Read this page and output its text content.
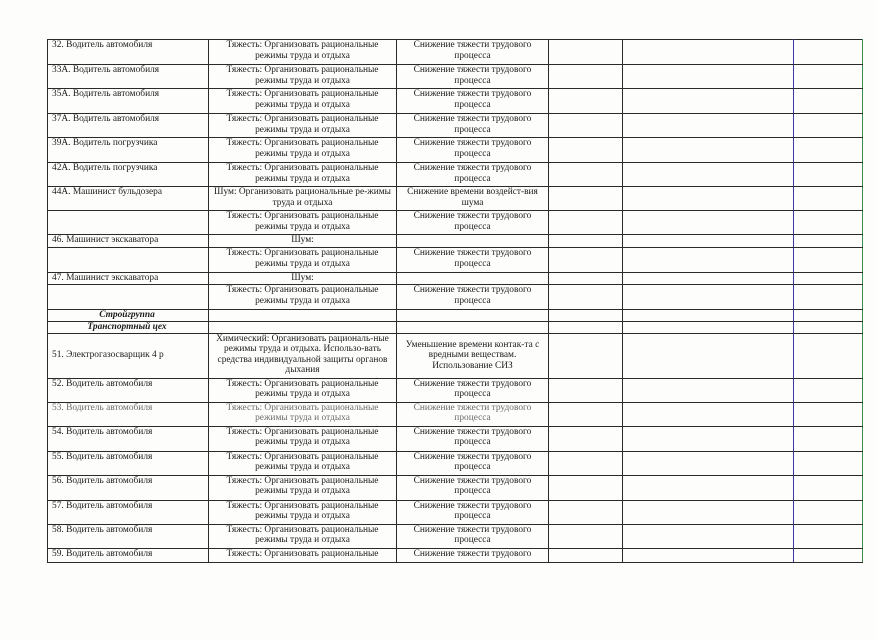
32. Водитель автомобиля	Тяжесть: Организовать рациональные режимы труда и отдыха	Снижение тяжести трудового процесса			
33А. Водитель автомобиля	Тяжесть: Организовать рациональные режимы труда и отдыха	Снижение тяжести трудового процесса			
35А. Водитель автомобиля	Тяжесть: Организовать рациональные режимы труда и отдыха	Снижение тяжести трудового процесса			
37А. Водитель автомобиля	Тяжесть: Организовать рациональные режимы труда и отдыха	Снижение тяжести трудового процесса			
39А. Водитель погрузчика	Тяжесть: Организовать рациональные режимы труда и отдыха	Снижение тяжести трудового процесса			
42А. Водитель погрузчика	Тяжесть: Организовать рациональные режимы труда и отдыха	Снижение тяжести трудового процесса			
44А. Машинист бульдозера	Шум: Организовать рациональные ре-жимы труда и отдыха	Снижение времени воздейст-вия шума			
	Тяжесть: Организовать рациональные режимы труда и отдыха	Снижение тяжести трудового процесса			
46. Машинист экскаватора	Шум:				
	Тяжесть: Организовать рациональные режимы труда и отдыха	Снижение тяжести трудового процесса			
47. Машинист экскаватора	Шум:				
	Тяжесть: Организовать рациональные режимы труда и отдыха	Снижение тяжести трудового процесса			
Стройгруппа					
Транспортный цех					
51. Электрогазосварщик 4 р	Химический: Организовать рациональ-ные режимы труда и отдыха. Использо-вать средства индивидуальной защиты органов дыхания	Уменьшение времени контак-та с вредными веществам. Использование СИЗ			
52. Водитель автомобиля	Тяжесть: Организовать рациональные режимы труда и отдыха	Снижение тяжести трудового процесса			
53. Водитель автомобиля	Тяжесть: Организовать рациональные режимы труда и отдыха	Снижение тяжести трудового процесса			
54. Водитель автомобиля	Тяжесть: Организовать рациональные режимы труда и отдыха	Снижение тяжести трудового процесса			
55. Водитель автомобиля	Тяжесть: Организовать рациональные режимы труда и отдыха	Снижение тяжести трудового процесса			
56. Водитель автомобиля	Тяжесть: Организовать рациональные режимы труда и отдыха	Снижение тяжести трудового процесса			
57. Водитель автомобиля	Тяжесть: Организовать рациональные режимы труда и отдыха	Снижение тяжести трудового процесса			
58. Водитель автомобиля	Тяжесть: Организовать рациональные режимы труда и отдыха	Снижение тяжести трудового процесса			
59. Водитель автомобиля	Тяжесть: Организовать рациональные	Снижение тяжести трудового			
